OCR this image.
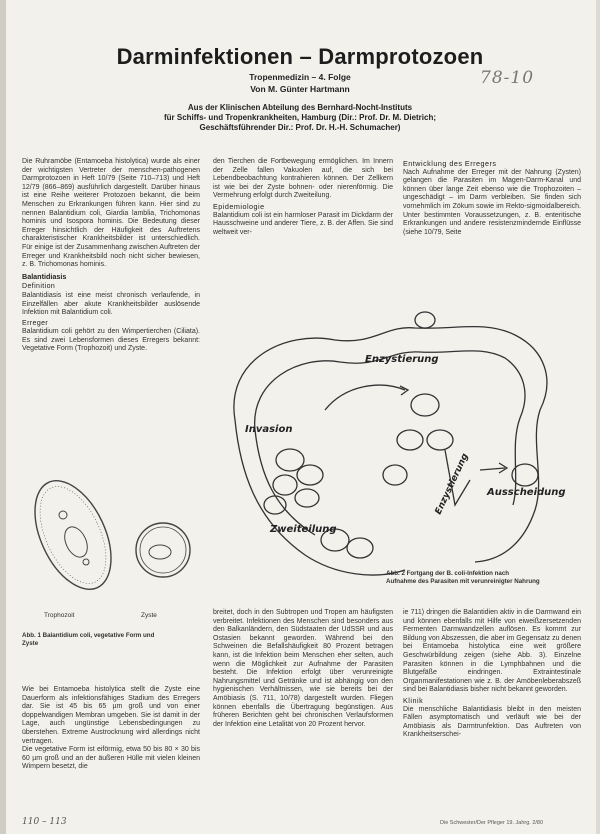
Darminfektionen – Darmprotozoen
Tropenmedizin – 4. Folge
Von M. Günter Hartmann
78-10
Aus der Klinischen Abteilung des Bernhard-Nocht-Instituts
für Schiffs- und Tropenkrankheiten, Hamburg (Dir.: Prof. Dr. M. Dietrich;
Geschäftsführender Dir.: Prof. Dr. H.-H. Schumacher)

Die Ruhramöbe (Entamoeba histolytica) wurde als einer der wichtigsten Vertreter der menschen-pathogenen Darmprotozoen in Heft 10/79 (Seite 710–713) und Heft 12/79 (866–869) ausführlich dargestellt. Darüber hinaus ist eine Reihe weiterer Protozoen bekannt, die beim Menschen zu Erkrankungen führen kann. Hier sind zu nennen Balantidium coli, Giardia lamblia, Trichomonas hominis und Isospora hominis. Die Bedeutung dieser Erreger hinsichtlich der Häufigkeit des Auftretens charakteristischer Krankheitsbilder ist unterschiedlich. Für einige ist der Zusammenhang zwischen Auftreten der Erreger und Krankheitsbild noch nicht sicher bewiesen, z. B. Trichomonas hominis.

Balantidiasis
Definition

Balantidiasis ist eine meist chronisch verlaufende, in Einzelfällen aber akute Krankheitsbilder auslösende Infektion mit Balantidium coli.

Erreger

Balantidium coli gehört zu den Wimpertierchen (Ciliata). Es sind zwei Lebensformen dieses Erregers bekannt: Vegetative Form (Trophozoit) und Zyste.

den Tierchen die Fortbewegung ermöglichen. Im Innern der Zelle fallen Vakuolen auf, die sich bei Lebendbeobachtung kontrahieren können. Der Zellkern ist wie bei der Zyste bohnen- oder nierenförmig. Die Vermehrung erfolgt durch Zweiteilung.

Epidemiologie

Balantidium coli ist ein harmloser Parasit im Dickdarm der Hausschweine und anderer Tiere, z. B. der Affen. Sie sind weltweit ver-

Entwicklung des Erregers

Nach Aufnahme der Erreger mit der Nahrung (Zysten) gelangen die Parasiten im Magen-Darm-Kanal und können über lange Zeit ebenso wie die Trophozoiten – ungeschädigt – im Darm verbleiben. Sie finden sich vornehmlich im Zökum sowie im Rekto-sigmoidalbereich. Unter bestimmten Voraussetzungen, z. B. enteritische Erkrankungen und andere resistenzmindernde Einflüsse (siehe 10/79, Seite

Invasion
Enzystierung
Zweiteilung
Enzystierung Ausscheidung
Abb. 2 Fortgang der B. coli-Infektion nach
Aufnahme des Parasiten mit verunreinigter Nahrung
Trophozoit	Zyste
Abb. 1 Balantidium coli, vegetative Form und
Zyste

Wie bei Entamoeba histolytica stellt die Zyste eine Dauerform als infektionsfähiges Stadium des Erregers dar. Sie ist 45 bis 65 µm groß und von einer doppelwandigen Membran umgeben. Sie ist damit in der Lage, auch ungünstige Lebensbedingungen zu überstehen. Extreme Austrocknung wird allerdings nicht vertragen.

Die vegetative Form ist eiförmig, etwa 50 bis 80 × 30 bis 60 µm groß und an der äußeren Hülle mit vielen kleinen Wimpern besetzt, die

breitet, doch in den Subtropen und Tropen am häufigsten verbreitet. Infektionen des Menschen sind besonders aus den Balkanländern, den Südstaaten der UdSSR und aus Ostasien bekannt geworden. Während bei den Schweinen die Befallshäufigkeit 80 Prozent betragen kann, ist die Infektion beim Menschen eher selten, auch wenn die Möglichkeit zur Aufnahme der Parasiten besteht. Die Infektion erfolgt über verunreinigte Nahrungsmittel und Getränke und ist abhängig von den hygienischen Verhältnissen, wie sie bereits bei der Amöbiasis (S. 711, 10/78) dargestellt wurden. Fliegen können ebenfalls die Übertragung begünstigen. Aus früheren Berichten geht bei chronischen Verlaufsformen der Infektion eine Letalität von 20 Prozent hervor.

ie 711) dringen die Balantidien aktiv in die Darmwand ein und können ebenfalls mit Hilfe von eiweißzersetzenden Fermenten Darmwandzellen auflösen. Es kommt zur Bildung von Abszessen, die aber im Gegensatz zu denen bei Entamoeba histolytica eine weit größere Geschwürbildung zeigen (siehe Abb. 3). Einzelne Parasiten können in die Lymphbahnen und die Blutgefäße eindringen. Extraintestinale Organmanifestationen wie z. B. der Amöbenleberabszeß sind bei Balantidiasis bisher nicht bekannt geworden.

Klinik

Die menschliche Balantidiasis bleibt in den meisten Fällen asymptomatisch und verläuft wie bei der Amöbiasis als Darmtrunfektion. Das Auftreten von Krankheitserschei-

110 – 113	Die Schwester/Der Pfleger 19. Jahrg. 2/80
